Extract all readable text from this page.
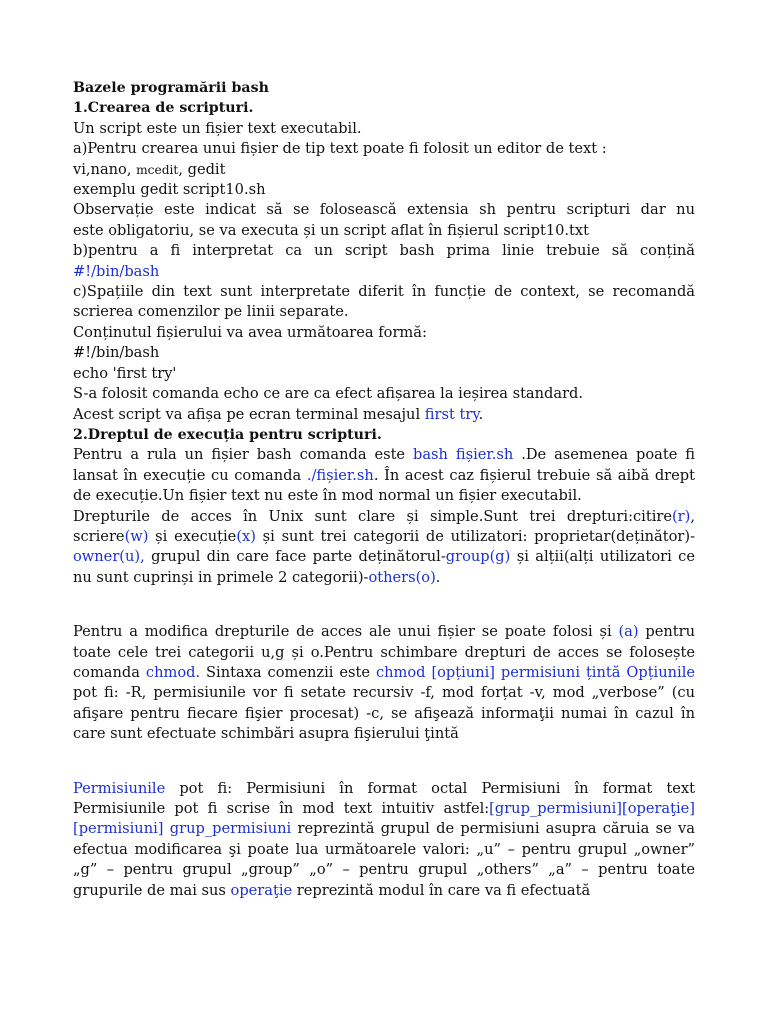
Bazele programării bash
1.Crearea de scripturi.
Un script este un fișier text executabil.
a)Pentru crearea unui fișier de tip text poate fi folosit un editor de text :
vi,nano, mcedit, gedit
exemplu gedit script10.sh
Observație este indicat să se folosească extensia sh pentru scripturi dar nu
este obligatoriu, se va executa și un script aflat în fișierul script10.txt
b)pentru a fi interpretat ca un script bash prima linie trebuie să conțină
#!/bin/bash
c)Spațiile din text sunt interpretate diferit în funcție de context, se recomandă
scrierea comenzilor pe linii separate.
Conținutul fișierului va avea următoarea formă:
#!/bin/bash
echo 'first try'
S-a folosit comanda echo ce are ca efect afișarea la ieșirea standard.
Acest script va afișa pe ecran terminal mesajul first try.
2.Dreptul de execuția pentru scripturi.

Pentru a rula un fișier bash comanda este bash fișier.sh .De asemenea poate fi lansat în execuție cu comanda ./fișier.sh. În acest caz fișierul trebuie să aibă drept de execuție.Un fișier text nu este în mod normal un fișier executabil.

Drepturile de acces în Unix sunt clare și simple.Sunt trei drepturi:citire(r), scriere(w) și execuție(x) și sunt trei categorii de utilizatori: proprietar(deținător)-owner(u), grupul din care face parte deținătorul-group(g) și alții(alți utilizatori ce nu sunt cuprinși in primele 2 categorii)-others(o).

Pentru a modifica drepturile de acces ale unui fișier se poate folosi și (a) pentru toate cele trei categorii u,g și o.Pentru schimbare drepturi de acces se folosește comanda chmod. Sintaxa comenzii este chmod [opțiuni] permisiuni țintă Opțiunile pot fi: -R, permisiunile vor fi setate recursiv -f, mod forțat -v, mod „verbose” (cu afişare pentru fiecare fişier procesat) -c, se afişează informaţii numai în cazul în care sunt efectuate schimbări asupra fişierului ţintă

Permisiunile pot fi: Permisiuni în format octal Permisiuni în format text Permisiunile pot fi scrise în mod text intuitiv astfel:[grup_permisiuni][operaţie] [permisiuni] grup_permisiuni reprezintă grupul de permisiuni asupra căruia se va efectua modificarea şi poate lua următoarele valori: „u” – pentru grupul „owner” „g” – pentru grupul „group” „o” – pentru grupul „others” „a” – pentru toate grupurile de mai sus operaţie reprezintă modul în care va fi efectuată
